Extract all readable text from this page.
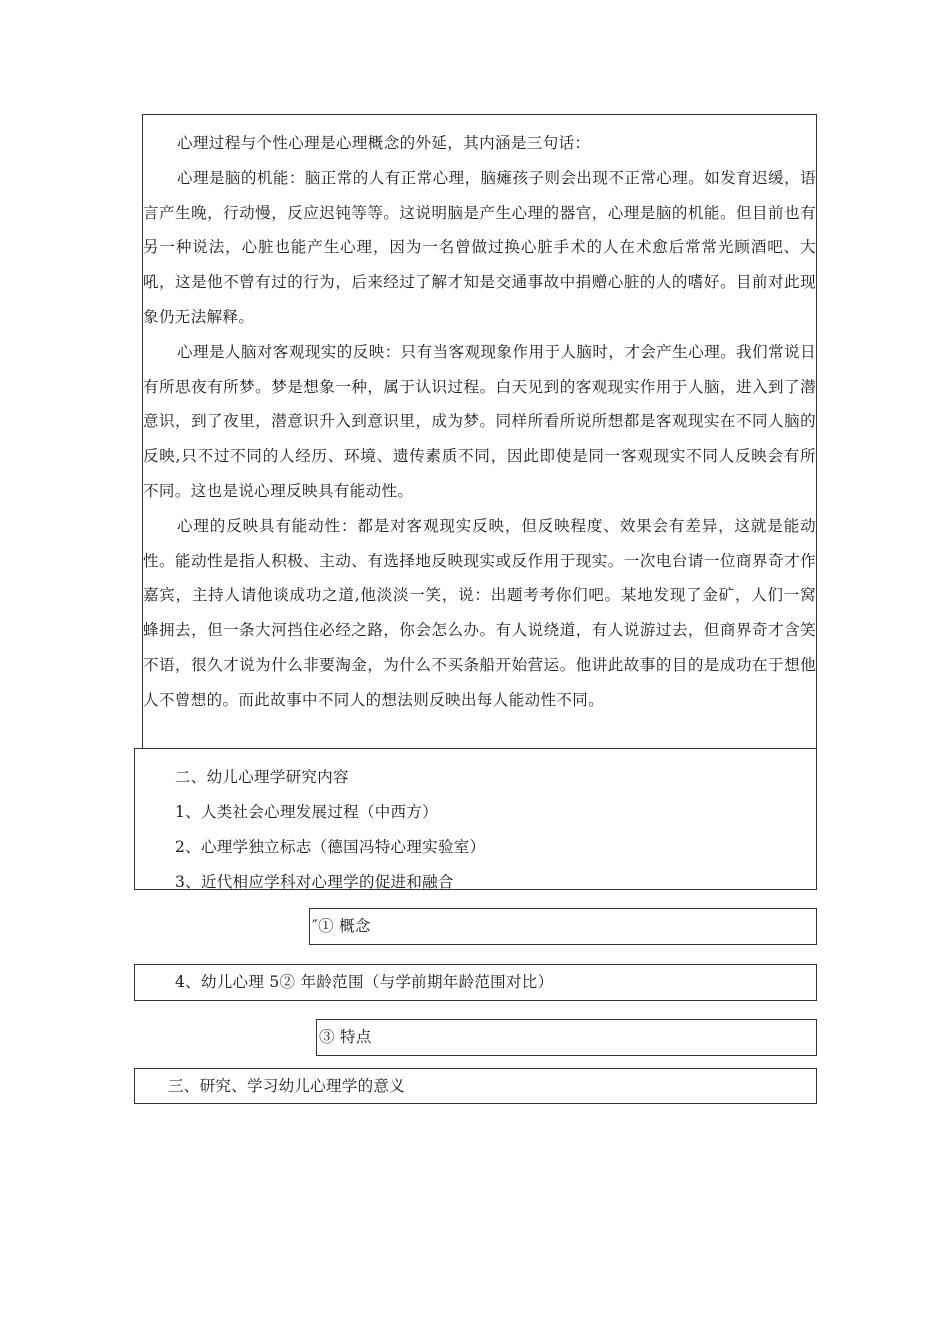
心理过程与个性心理是心理概念的外延，其内涵是三句话：

心理是脑的机能：脑正常的人有正常心理，脑瘫孩子则会出现不正常心理。如发育迟缓，语言产生晚，行动慢，反应迟钝等等。这说明脑是产生心理的器官，心理是脑的机能。但目前也有另一种说法，心脏也能产生心理，因为一名曾做过换心脏手术的人在术愈后常常光顾酒吧、大吼，这是他不曾有过的行为，后来经过了解才知是交通事故中捐赠心脏的人的嗜好。目前对此现象仍无法解释。

心理是人脑对客观现实的反映：只有当客观现象作用于人脑时，才会产生心理。我们常说日有所思夜有所梦。梦是想象一种，属于认识过程。白天见到的客观现实作用于人脑，进入到了潜意识，到了夜里，潜意识升入到意识里，成为梦。同样所看所说所想都是客观现实在不同人脑的反映,只不过不同的人经历、环境、遗传素质不同，因此即使是同一客观现实不同人反映会有所不同。这也是说心理反映具有能动性。

心理的反映具有能动性：都是对客观现实反映，但反映程度、效果会有差异，这就是能动性。能动性是指人积极、主动、有选择地反映现实或反作用于现实。一次电台请一位商界奇才作嘉宾，主持人请他谈成功之道,他淡淡一笑，说：出题考考你们吧。某地发现了金矿，人们一窝蜂拥去，但一条大河挡住必经之路，你会怎么办。有人说绕道，有人说游过去，但商界奇才含笑不语，很久才说为什么非要淘金，为什么不买条船开始营运。他讲此故事的目的是成功在于想他人不曾想的。而此故事中不同人的想法则反映出每人能动性不同。

二、幼儿心理学研究内容
1、人类社会心理发展过程（中西方）
2、心理学独立标志（德国冯特心理实验室）
3、近代相应学科对心理学的促进和融合
″① 概念
4、幼儿心理 5② 年龄范围（与学前期年龄范围对比）
③ 特点
三、研究、学习幼儿心理学的意义
